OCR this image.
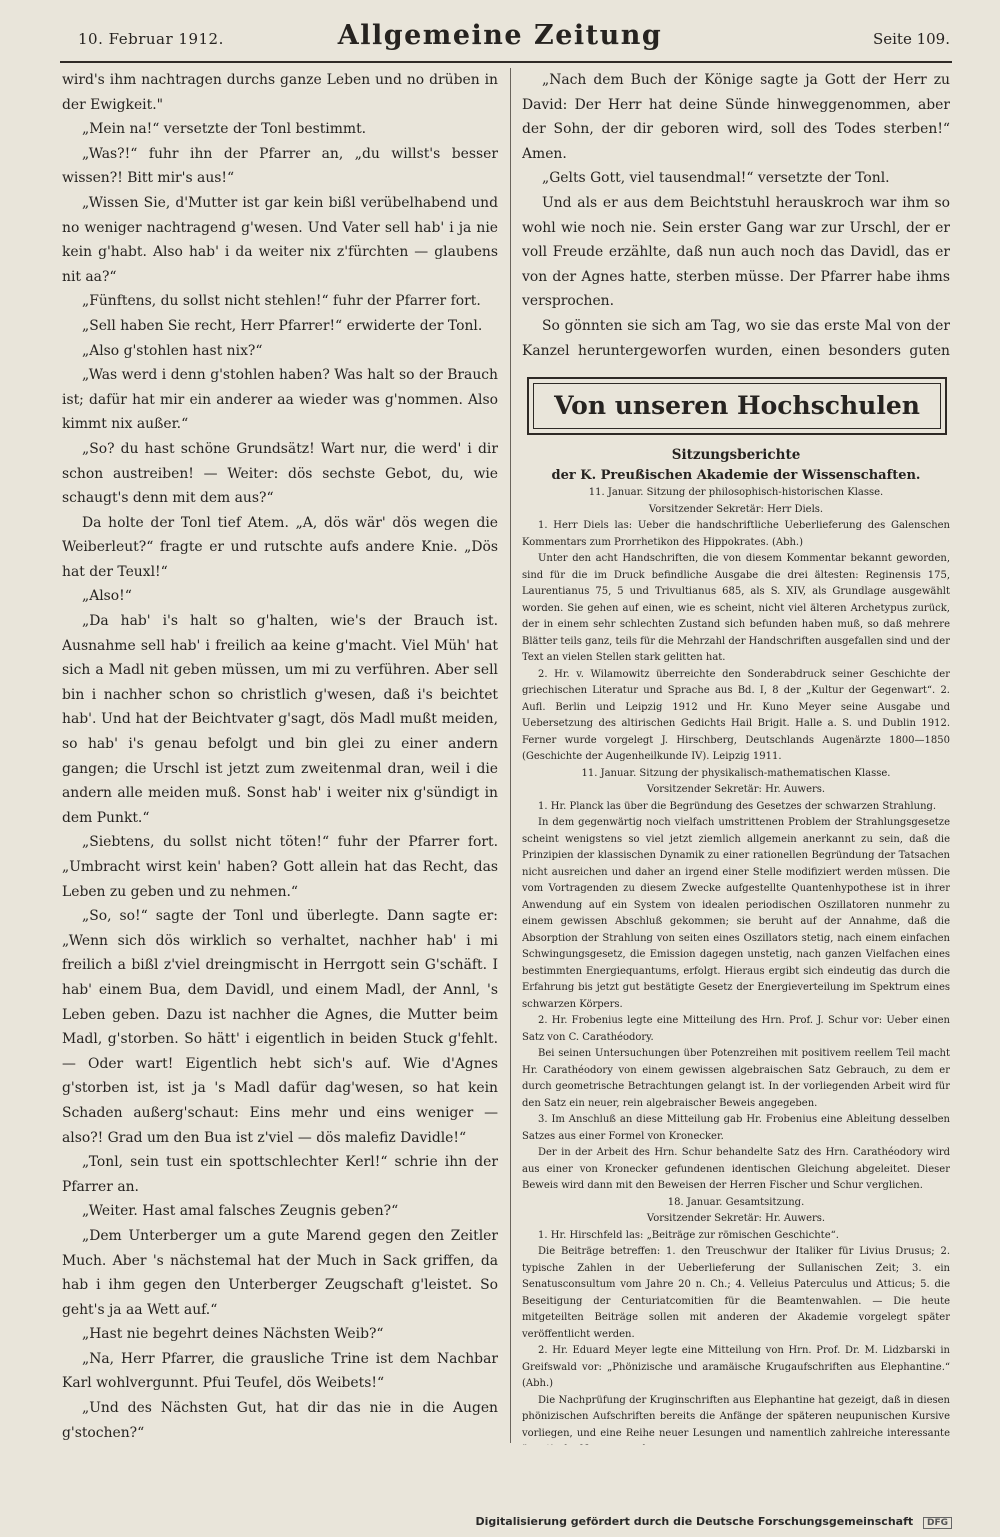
10. Februar 1912.	Allgemeine Zeitung	Seite 109.

wird's ihm nachtragen durchs ganze Leben und no drüben in der Ewigkeit."

„Mein na!“ versetzte der Tonl bestimmt.

„Was?!“ fuhr ihn der Pfarrer an, „du willst's besser wissen?! Bitt mir's aus!“

„Wissen Sie, d'Mutter ist gar kein bißl verübelhabend und no weniger nachtragend g'wesen. Und Vater sell hab' i ja nie kein g'habt. Also hab' i da weiter nix z'fürchten — glaubens nit aa?“

„Fünftens, du sollst nicht stehlen!“ fuhr der Pfarrer fort.

„Sell haben Sie recht, Herr Pfarrer!“ erwiderte der Tonl.

„Also g'stohlen hast nix?“

„Was werd i denn g'stohlen haben? Was halt so der Brauch ist; dafür hat mir ein anderer aa wieder was g'nommen. Also kimmt nix außer.“

„So? du hast schöne Grundsätz! Wart nur, die werd' i dir schon austreiben! — Weiter: dös sechste Gebot, du, wie schaugt's denn mit dem aus?“

Da holte der Tonl tief Atem. „A, dös wär' dös wegen die Weiberleut?“ fragte er und rutschte aufs andere Knie. „Dös hat der Teuxl!“

„Also!“

„Da hab' i's halt so g'halten, wie's der Brauch ist. Ausnahme sell hab' i freilich aa keine g'macht. Viel Müh' hat sich a Madl nit geben müssen, um mi zu verführen. Aber sell bin i nachher schon so christlich g'wesen, daß i's beichtet hab'. Und hat der Beichtvater g'sagt, dös Madl mußt meiden, so hab' i's genau befolgt und bin glei zu einer andern gangen; die Urschl ist jetzt zum zweitenmal dran, weil i die andern alle meiden muß. Sonst hab' i weiter nix g'sündigt in dem Punkt.“

„Siebtens, du sollst nicht töten!“ fuhr der Pfarrer fort. „Umbracht wirst kein' haben? Gott allein hat das Recht, das Leben zu geben und zu nehmen.“

„So, so!“ sagte der Tonl und überlegte. Dann sagte er: „Wenn sich dös wirklich so verhaltet, nachher hab' i mi freilich a bißl z'viel dreingmischt in Herrgott sein G'schäft. I hab' einem Bua, dem Davidl, und einem Madl, der Annl, 's Leben geben. Dazu ist nachher die Agnes, die Mutter beim Madl, g'storben. So hätt' i eigentlich in beiden Stuck g'fehlt. — Oder wart! Eigentlich hebt sich's auf. Wie d'Agnes g'storben ist, ist ja 's Madl dafür dag'wesen, so hat kein Schaden außerg'schaut: Eins mehr und eins weniger — also?! Grad um den Bua ist z'viel — dös malefiz Davidle!“

„Tonl, sein tust ein spottschlechter Kerl!“ schrie ihn der Pfarrer an.

„Weiter. Hast amal falsches Zeugnis geben?“

„Dem Unterberger um a gute Marend gegen den Zeitler Much. Aber 's nächstemal hat der Much in Sack griffen, da hab i ihm gegen den Unterberger Zeugschaft g'leistet. So geht's ja aa Wett auf.“

„Hast nie begehrt deines Nächsten Weib?“

„Na, Herr Pfarrer, die grausliche Trine ist dem Nachbar Karl wohlvergunnt. Pfui Teufel, dös Weibets!“

„Und des Nächsten Gut, hat dir das nie in die Augen g'stochen?“

„Nach dem Buch der Könige sagte ja Gott der Herr zu David: Der Herr hat deine Sünde hinweggenommen, aber der Sohn, der dir geboren wird, soll des Todes sterben!“ Amen.

„Gelts Gott, viel tausendmal!“ versetzte der Tonl.

Und als er aus dem Beichtstuhl herauskroch war ihm so wohl wie noch nie. Sein erster Gang war zur Urschl, der er voll Freude erzählte, daß nun auch noch das Davidl, das er von der Agnes hatte, sterben müsse. Der Pfarrer habe ihms versprochen.

So gönnten sie sich am Tag, wo sie das erste Mal von der Kanzel heruntergeworfen wurden, einen besonders guten

Von unseren Hochschulen

Sitzungsberichte

der K. Preußischen Akademie der Wissenschaften.

11. Januar. Sitzung der philosophisch-historischen Klasse.

Vorsitzender Sekretär: Herr Diels.

1. Herr Diels las: Ueber die handschriftliche Ueberlieferung des Galenschen Kommentars zum Prorrhetikon des Hippokrates. (Abh.)

Unter den acht Handschriften, die von diesem Kommentar bekannt geworden, sind für die im Druck befindliche Ausgabe die drei ältesten: Reginensis 175, Laurentianus 75, 5 und Trivultianus 685, als S. XIV, als Grundlage ausgewählt worden. Sie gehen auf einen, wie es scheint, nicht viel älteren Archetypus zurück, der in einem sehr schlechten Zustand sich befunden haben muß, so daß mehrere Blätter teils ganz, teils für die Mehrzahl der Handschriften ausgefallen sind und der Text an vielen Stellen stark gelitten hat.

2. Hr. v. Wilamowitz überreichte den Sonderabdruck seiner Geschichte der griechischen Literatur und Sprache aus Bd. I, 8 der „Kultur der Gegenwart“. 2. Aufl. Berlin und Leipzig 1912 und Hr. Kuno Meyer seine Ausgabe und Uebersetzung des altirischen Gedichts Hail Brigit. Halle a. S. und Dublin 1912. Ferner wurde vorgelegt J. Hirschberg, Deutschlands Augenärzte 1800—1850 (Geschichte der Augenheilkunde IV). Leipzig 1911.

11. Januar. Sitzung der physikalisch-mathematischen Klasse.

Vorsitzender Sekretär: Hr. Auwers.

1. Hr. Planck las über die Begründung des Gesetzes der schwarzen Strahlung.

In dem gegenwärtig noch vielfach umstrittenen Problem der Strahlungsgesetze scheint wenigstens so viel jetzt ziemlich allgemein anerkannt zu sein, daß die Prinzipien der klassischen Dynamik zu einer rationellen Begründung der Tatsachen nicht ausreichen und daher an irgend einer Stelle modifiziert werden müssen. Die vom Vortragenden zu diesem Zwecke aufgestellte Quantenhypothese ist in ihrer Anwendung auf ein System von idealen periodischen Oszillatoren nunmehr zu einem gewissen Abschluß gekommen; sie beruht auf der Annahme, daß die Absorption der Strahlung von seiten eines Oszillators stetig, nach einem einfachen Schwingungsgesetz, die Emission dagegen unstetig, nach ganzen Vielfachen eines bestimmten Energiequantums, erfolgt. Hieraus ergibt sich eindeutig das durch die Erfahrung bis jetzt gut bestätigte Gesetz der Energieverteilung im Spektrum eines schwarzen Körpers.

2. Hr. Frobenius legte eine Mitteilung des Hrn. Prof. J. Schur vor: Ueber einen Satz von C. Carathéodory.

Bei seinen Untersuchungen über Potenzreihen mit positivem reellem Teil macht Hr. Carathéodory von einem gewissen algebraischen Satz Gebrauch, zu dem er durch geometrische Betrachtungen gelangt ist. In der vorliegenden Arbeit wird für den Satz ein neuer, rein algebraischer Beweis angegeben.

3. Im Anschluß an diese Mitteilung gab Hr. Frobenius eine Ableitung desselben Satzes aus einer Formel von Kronecker.

Der in der Arbeit des Hrn. Schur behandelte Satz des Hrn. Carathéodory wird aus einer von Kronecker gefundenen identischen Gleichung abgeleitet. Dieser Beweis wird dann mit den Beweisen der Herren Fischer und Schur verglichen.

18. Januar. Gesamtsitzung.

Vorsitzender Sekretär: Hr. Auwers.

1. Hr. Hirschfeld las: „Beiträge zur römischen Geschichte“.

Die Beiträge betreffen: 1. den Treuschwur der Italiker für Livius Drusus; 2. typische Zahlen in der Ueberlieferung der Sullanischen Zeit; 3. ein Senatusconsultum vom Jahre 20 n. Ch.; 4. Velleius Paterculus und Atticus; 5. die Beseitigung der Centuriatcomitien für die Beamtenwahlen. — Die heute mitgeteilten Beiträge sollen mit anderen der Akademie vorgelegt später veröffentlicht werden.

2. Hr. Eduard Meyer legte eine Mitteilung von Hrn. Prof. Dr. M. Lidzbarski in Greifswald vor: „Phönizische und aramäische Krugaufschriften aus Elephantine.“ (Abh.)

Die Nachprüfung der Kruginschriften aus Elephantine hat gezeigt, daß in diesen phönizischen Aufschriften bereits die Anfänge der späteren neupunischen Kursive vorliegen, und eine Reihe neuer Lesungen und namentlich zahlreiche interessante

Digitalisierung gefördert durch die Deutsche Forschungsgemeinschaft DFG
